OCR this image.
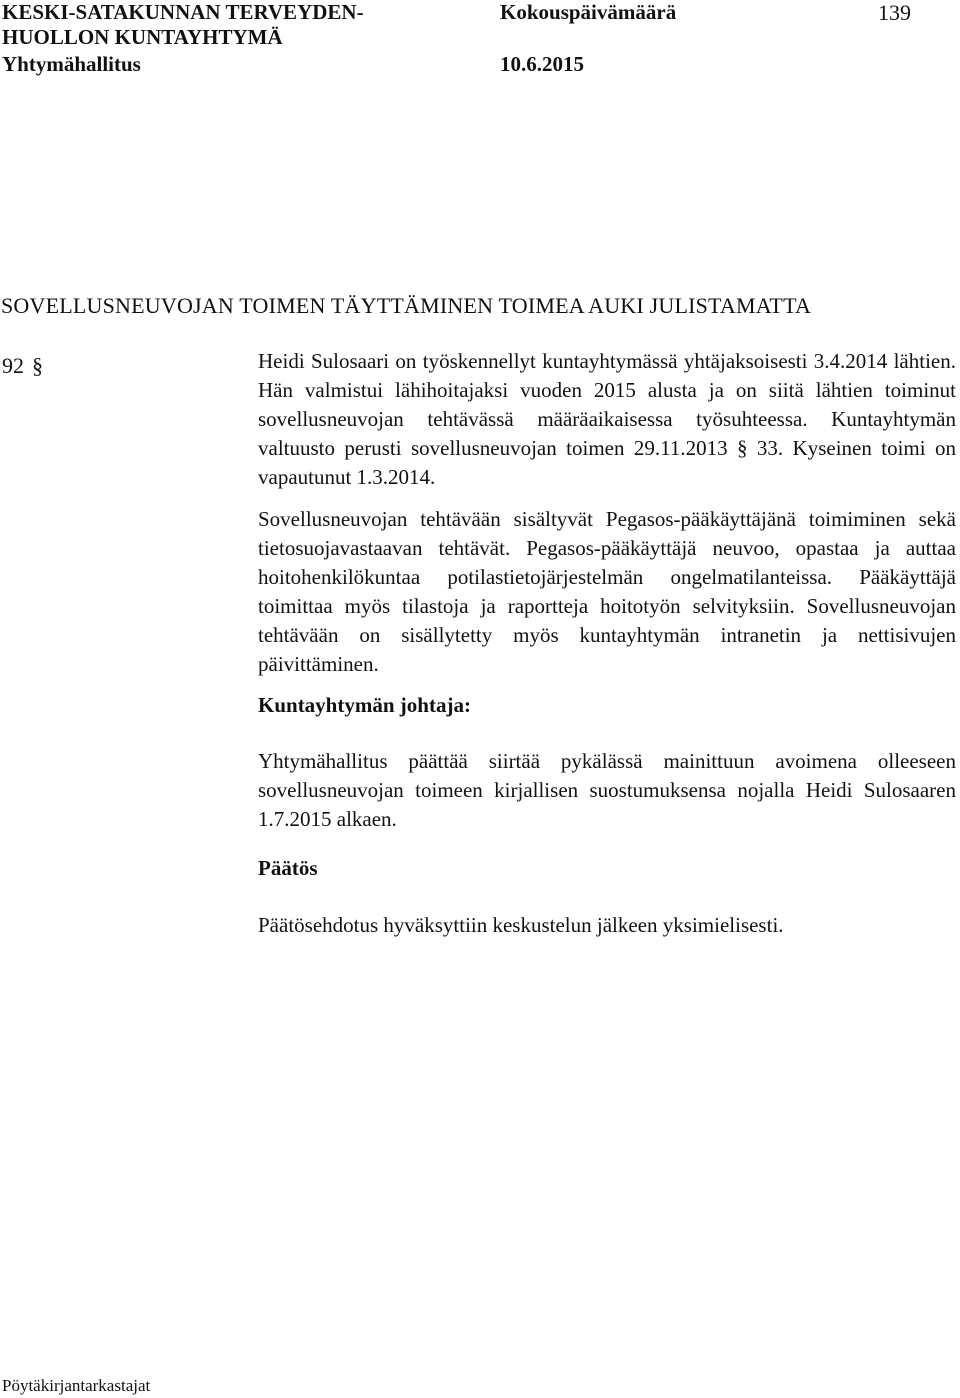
KESKI-SATAKUNNAN TERVEYDEN-
HUOLLON KUNTAYHTYMÄ
Yhtymähallitus
Kokouspäivämäärä
10.6.2015
139
SOVELLUSNEUVOJAN TOIMEN TÄYTTÄMINEN TOIMEA AUKI JULISTAMATTA
92 §	Heidi Sulosaari on työskennellyt kuntayhtymässä yhtäjaksoisesti 3.4.2014 lähtien. Hän valmistui lähihoitajaksi vuoden 2015 alusta ja on siitä lähtien toiminut sovellusneuvojan tehtävässä määräaikaisessa työsuhteessa. Kuntayhtymän valtuusto perusti sovellusneuvojan toimen 29.11.2013 § 33. Kyseinen toimi on vapautunut 1.3.2014.

Sovellusneuvojan tehtävään sisältyvät Pegasos-pääkäyttäjänä toimiminen sekä tietosuojavastaavan tehtävät. Pegasos-pääkäyttäjä neuvoo, opastaa ja auttaa hoitohenkilökuntaa potilastietojärjestelmän ongelmatilanteissa. Pääkäyttäjä toimittaa myös tilastoja ja raportteja hoitotyön selvityksiin. Sovellusneuvojan tehtävään on sisällytetty myös kuntayhtymän intranetin ja nettisivujen päivittäminen.

Kuntayhtymän johtaja:

Yhtymähallitus päättää siirtää pykälässä mainittuun avoimena olleeseen sovellusneuvojan toimeen kirjallisen suostumuksensa nojalla Heidi Sulosaaren 1.7.2015 alkaen.

Päätös

Päätösehdotus hyväksyttiin keskustelun jälkeen yksimielisesti.

Pöytäkirjantarkastajat
